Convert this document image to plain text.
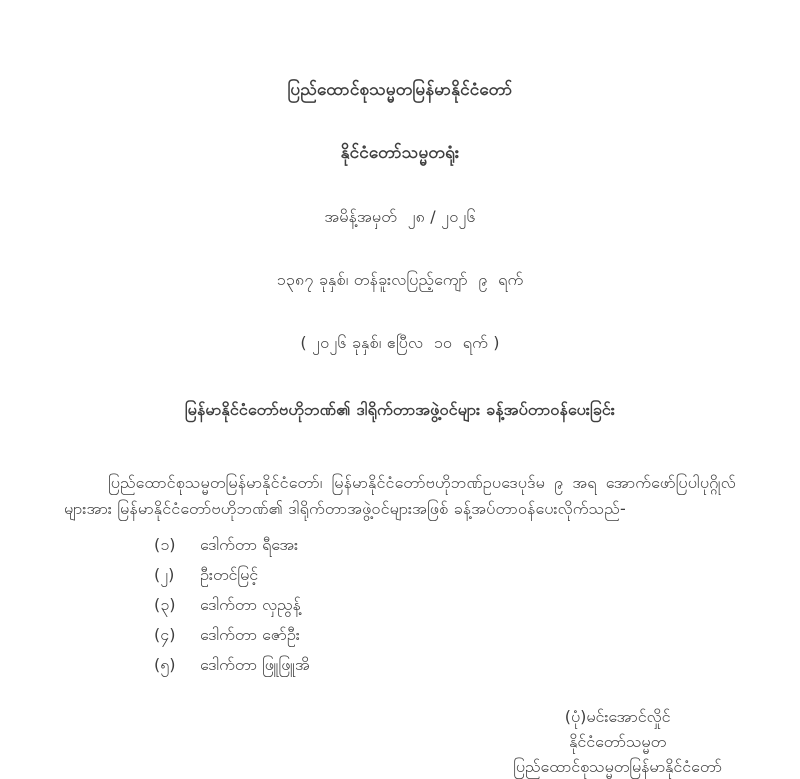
ပြည်ထောင်စုသမ္မတမြန်မာနိုင်ငံတော်

နိုင်ငံတော်သမ္မတရုံး

အမိန့်အမှတ်  ၂၈ / ၂၀၂၆

၁၃၈၇ ခုနှစ်၊ တန်ခူးလပြည့်ကျော်  ၉  ရက်

( ၂၀၂၆ ခုနှစ်၊ ဧပြီလ  ၁၀  ရက် )

မြန်မာနိုင်ငံတော်ဗဟိုဘဏ်၏ ဒါရိုက်တာအဖွဲ့ဝင်များ ခန့်အပ်တာဝန်ပေးခြင်း

ပြည်ထောင်စုသမ္မတမြန်မာနိုင်ငံတော်၊ မြန်မာနိုင်ငံတော်ဗဟိုဘဏ်ဥပဒေပုဒ်မ ၉ အရ အောက်ဖော်ပြပါပုဂ္ဂိုလ်များအား မြန်မာနိုင်ငံတော်ဗဟိုဘဏ်၏ ဒါရိုက်တာအဖွဲ့ဝင်များအဖြစ် ခန့်အပ်တာဝန်ပေးလိုက်သည်-

(၁)	ဒေါက်တာ ရီအေး
(၂)	ဦးတင်မြင့်
(၃)	ဒေါက်တာ လှညွန့်
(၄)	ဒေါက်တာ ဇော်ဦး
(၅)	ဒေါက်တာ ဖြူဖြူအိ
(ပုံ)မင်းအောင်လှိုင်
နိုင်ငံတော်သမ္မတ
ပြည်ထောင်စုသမ္မတမြန်မာနိုင်ငံတော်
